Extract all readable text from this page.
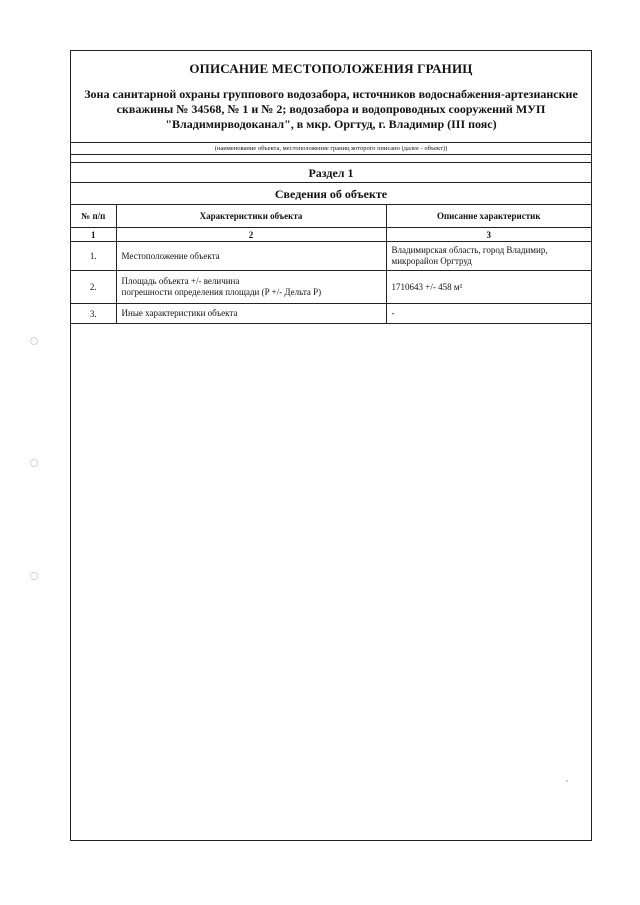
ОПИСАНИЕ МЕСТОПОЛОЖЕНИЯ ГРАНИЦ
Зона санитарной охраны группового водозабора, источников водоснабжения-артезианские скважины № 34568, № 1 и № 2; водозабора и водопроводных сооружений МУП "Владимирводоканал", в мкр. Оргтуд, г. Владимир (III пояс)
(наименование объекта, местоположение границ которого описано (далее - объект))
Раздел 1
Сведения об объекте
№ п/п	Характеристики объекта	Описание характеристик
1	2	3
1.	Местоположение объекта	Владимирская область, город Владимир,
микрорайон Оргтруд
2.	Площадь объекта +/- величина
погрешности определения площади (P +/- Дельта P)	1710643 +/- 458 м²
3.	Иные характеристики объекта	-
